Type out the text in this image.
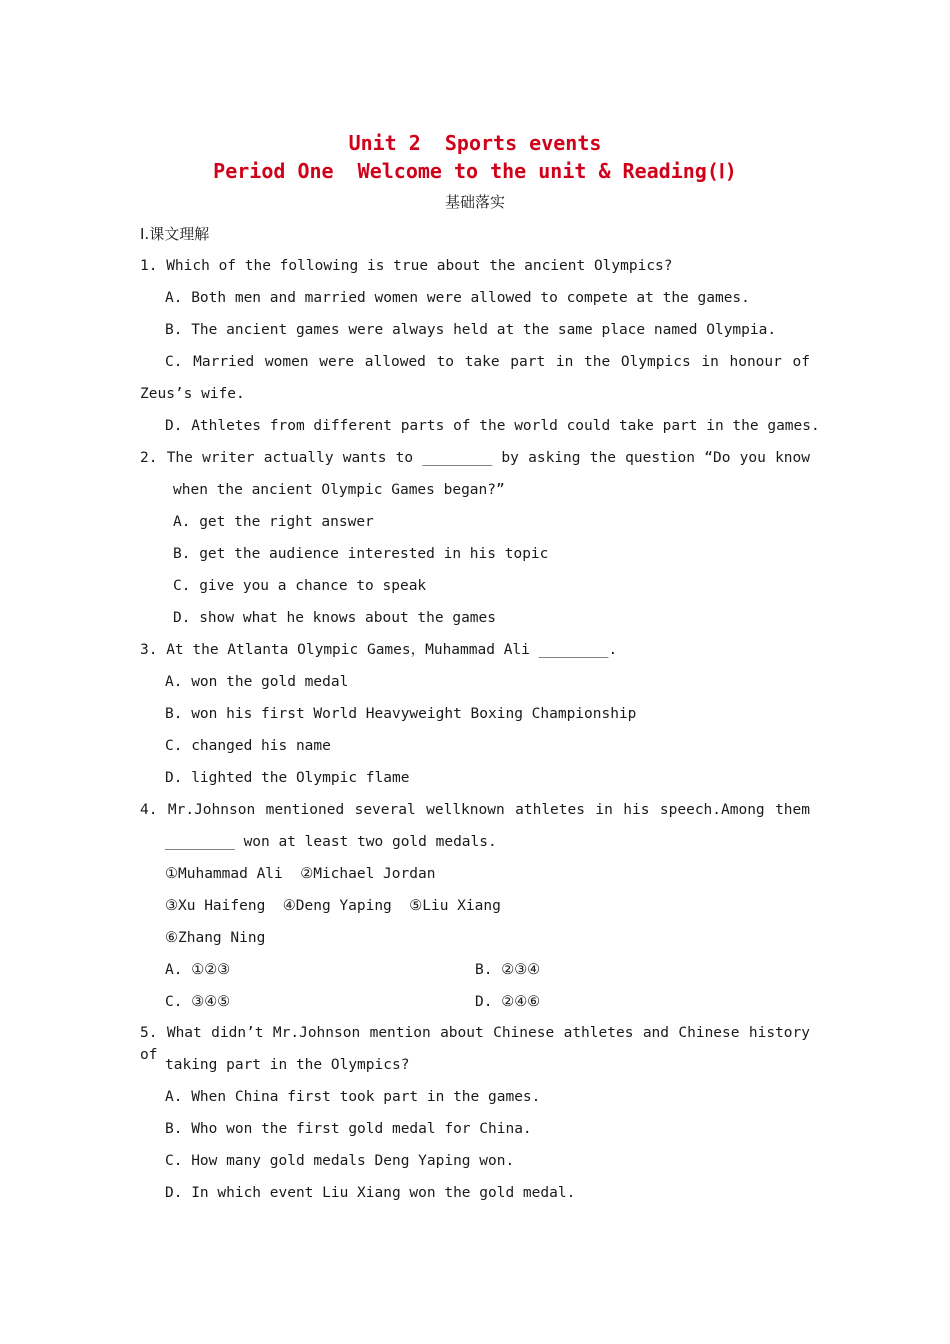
Unit 2  Sports events
Period One  Welcome to the unit & Reading(Ⅰ)
基础落实
Ⅰ.课文理解
1. Which of the following is true about the ancient Olympics?
A. Both men and married women were allowed to compete at the games.
B. The ancient games were always held at the same place named Olympia.
C. Married women were allowed to take part in the Olympics in honour of
Zeus’s wife.
D. Athletes from different parts of the world could take part in the games.
2. The writer actually wants to ________ by asking the question “Do you know
when the ancient Olympic Games began?”
A. get the right answer
B. get the audience interested in his topic
C. give you a chance to speak
D. show what he knows about the games
3. At the Atlanta Olympic Games，Muhammad Ali ________.
A. won the gold medal
B. won his first World Heavyweight Boxing Championship
C. changed his name
D. lighted the Olympic flame
4. Mr.Johnson mentioned several wellknown athletes in his speech.Among them
________ won at least two gold medals.
①Muhammad Ali  ②Michael Jordan
③Xu Haifeng  ④Deng Yaping  ⑤Liu Xiang
⑥Zhang Ning
A. ①②③	B. ②③④
C. ③④⑤	D. ②④⑥
5. What didn’t Mr.Johnson mention about Chinese athletes and Chinese history of
taking part in the Olympics?
A. When China first took part in the games.
B. Who won the first gold medal for China.
C. How many gold medals Deng Yaping won.
D. In which event Liu Xiang won the gold medal.
